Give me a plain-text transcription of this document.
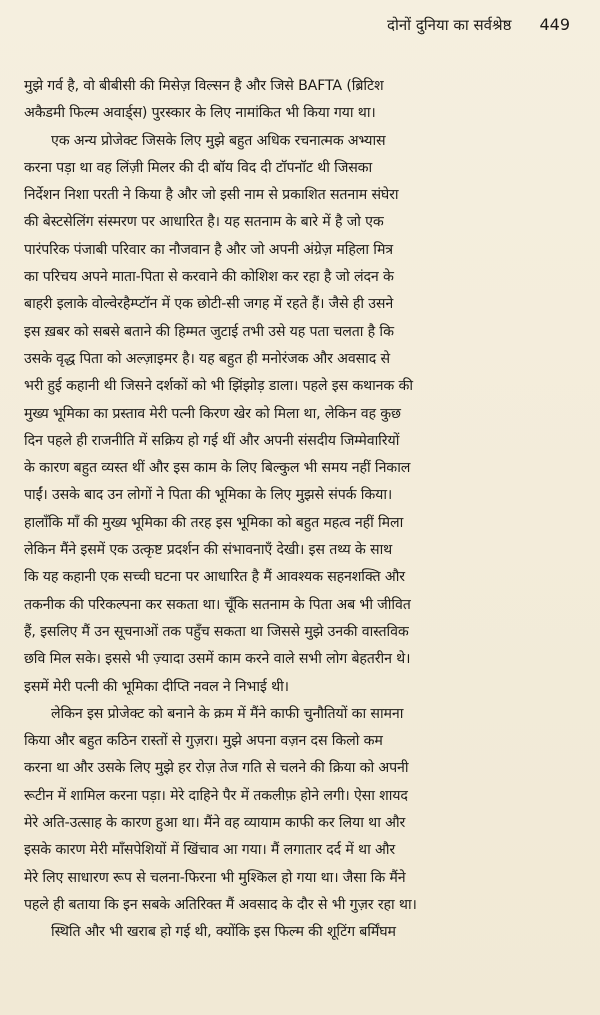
दोनों दुनिया का सर्वश्रेष्ठ 449
मुझे गर्व है, वो बीबीसी की मिसेज़ विल्सन है और जिसे BAFTA (ब्रिटिश
अकैडमी फिल्म अवार्ड्स) पुरस्कार के लिए नामांकित भी किया गया था।
एक अन्य प्रोजेक्ट जिसके लिए मुझे बहुत अधिक रचनात्मक अभ्यास
करना पड़ा था वह लिंज़ी मिलर की दी बॉय विद दी टॉपनॉट थी जिसका
निर्देशन निशा परती ने किया है और जो इसी नाम से प्रकाशित सतनाम संघेरा
की बेस्टसेलिंग संस्मरण पर आधारित है। यह सतनाम के बारे में है जो एक
पारंपरिक पंजाबी परिवार का नौजवान है और जो अपनी अंग्रेज़ महिला मित्र
का परिचय अपने माता-पिता से करवाने की कोशिश कर रहा है जो लंदन के
बाहरी इलाके वोल्वेरहैम्प्टॉन में एक छोटी-सी जगह में रहते हैं। जैसे ही उसने
इस ख़बर को सबसे बताने की हिम्मत जुटाई तभी उसे यह पता चलता है कि
उसके वृद्ध पिता को अल्ज़ाइमर है। यह बहुत ही मनोरंजक और अवसाद से
भरी हुई कहानी थी जिसने दर्शकों को भी झिंझोड़ डाला। पहले इस कथानक की
मुख्य भूमिका का प्रस्ताव मेरी पत्नी किरण खेर को मिला था, लेकिन वह कुछ
दिन पहले ही राजनीति में सक्रिय हो गई थीं और अपनी संसदीय जिम्मेवारियों
के कारण बहुत व्यस्त थीं और इस काम के लिए बिल्कुल भी समय नहीं निकाल
पाईं। उसके बाद उन लोगों ने पिता की भूमिका के लिए मुझसे संपर्क किया।
हालाँकि माँ की मुख्य भूमिका की तरह इस भूमिका को बहुत महत्व नहीं मिला
लेकिन मैंने इसमें एक उत्कृष्ट प्रदर्शन की संभावनाएँ देखी। इस तथ्य के साथ
कि यह कहानी एक सच्ची घटना पर आधारित है मैं आवश्यक सहनशक्ति और
तकनीक की परिकल्पना कर सकता था। चूँकि सतनाम के पिता अब भी जीवित
हैं, इसलिए मैं उन सूचनाओं तक पहुँच सकता था जिससे मुझे उनकी वास्तविक
छवि मिल सके। इससे भी ज़्यादा उसमें काम करने वाले सभी लोग बेहतरीन थे।
इसमें मेरी पत्नी की भूमिका दीप्ति नवल ने निभाई थी।
लेकिन इस प्रोजेक्ट को बनाने के क्रम में मैंने काफी चुनौतियों का सामना
किया और बहुत कठिन रास्तों से गुज़रा। मुझे अपना वज़न दस किलो कम
करना था और उसके लिए मुझे हर रोज़ तेज गति से चलने की क्रिया को अपनी
रूटीन में शामिल करना पड़ा। मेरे दाहिने पैर में तकलीफ़ होने लगी। ऐसा शायद
मेरे अति-उत्साह के कारण हुआ था। मैंने वह व्यायाम काफी कर लिया था और
इसके कारण मेरी माँसपेशियों में खिंचाव आ गया। मैं लगातार दर्द में था और
मेरे लिए साधारण रूप से चलना-फिरना भी मुश्किल हो गया था। जैसा कि मैंने
पहले ही बताया कि इन सबके अतिरिक्त मैं अवसाद के दौर से भी गुज़र रहा था।
स्थिति और भी खराब हो गई थी, क्योंकि इस फिल्म की शूटिंग बर्मिंघम
